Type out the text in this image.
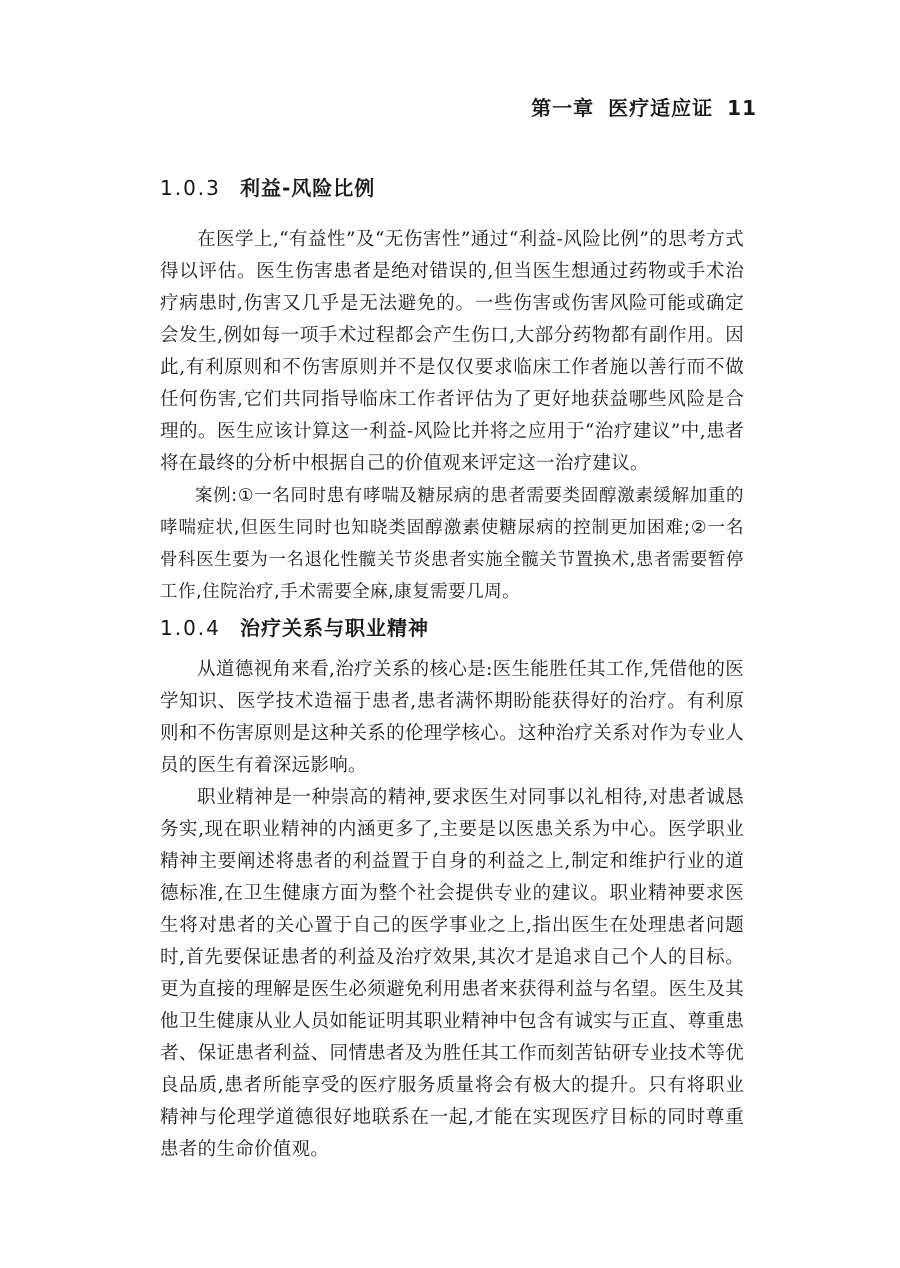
第一章 医疗适应证 11
1.0.3 利益-风险比例

在医学上,“有益性”及“无伤害性”通过“利益-风险比例”的思考方式得以评估。医生伤害患者是绝对错误的,但当医生想通过药物或手术治疗病患时,伤害又几乎是无法避免的。一些伤害或伤害风险可能或确定会发生,例如每一项手术过程都会产生伤口,大部分药物都有副作用。因此,有利原则和不伤害原则并不是仅仅要求临床工作者施以善行而不做任何伤害,它们共同指导临床工作者评估为了更好地获益哪些风险是合理的。医生应该计算这一利益-风险比并将之应用于“治疗建议”中,患者将在最终的分析中根据自己的价值观来评定这一治疗建议。

案例:①一名同时患有哮喘及糖尿病的患者需要类固醇激素缓解加重的哮喘症状,但医生同时也知晓类固醇激素使糖尿病的控制更加困难;②一名骨科医生要为一名退化性髋关节炎患者实施全髋关节置换术,患者需要暂停工作,住院治疗,手术需要全麻,康复需要几周。

1.0.4 治疗关系与职业精神

从道德视角来看,治疗关系的核心是:医生能胜任其工作,凭借他的医学知识、医学技术造福于患者,患者满怀期盼能获得好的治疗。有利原则和不伤害原则是这种关系的伦理学核心。这种治疗关系对作为专业人员的医生有着深远影响。

职业精神是一种崇高的精神,要求医生对同事以礼相待,对患者诚恳务实,现在职业精神的内涵更多了,主要是以医患关系为中心。医学职业精神主要阐述将患者的利益置于自身的利益之上,制定和维护行业的道德标准,在卫生健康方面为整个社会提供专业的建议。职业精神要求医生将对患者的关心置于自己的医学事业之上,指出医生在处理患者问题时,首先要保证患者的利益及治疗效果,其次才是追求自己个人的目标。更为直接的理解是医生必须避免利用患者来获得利益与名望。医生及其他卫生健康从业人员如能证明其职业精神中包含有诚实与正直、尊重患者、保证患者利益、同情患者及为胜任其工作而刻苦钻研专业技术等优良品质,患者所能享受的医疗服务质量将会有极大的提升。只有将职业精神与伦理学道德很好地联系在一起,才能在实现医疗目标的同时尊重患者的生命价值观。
